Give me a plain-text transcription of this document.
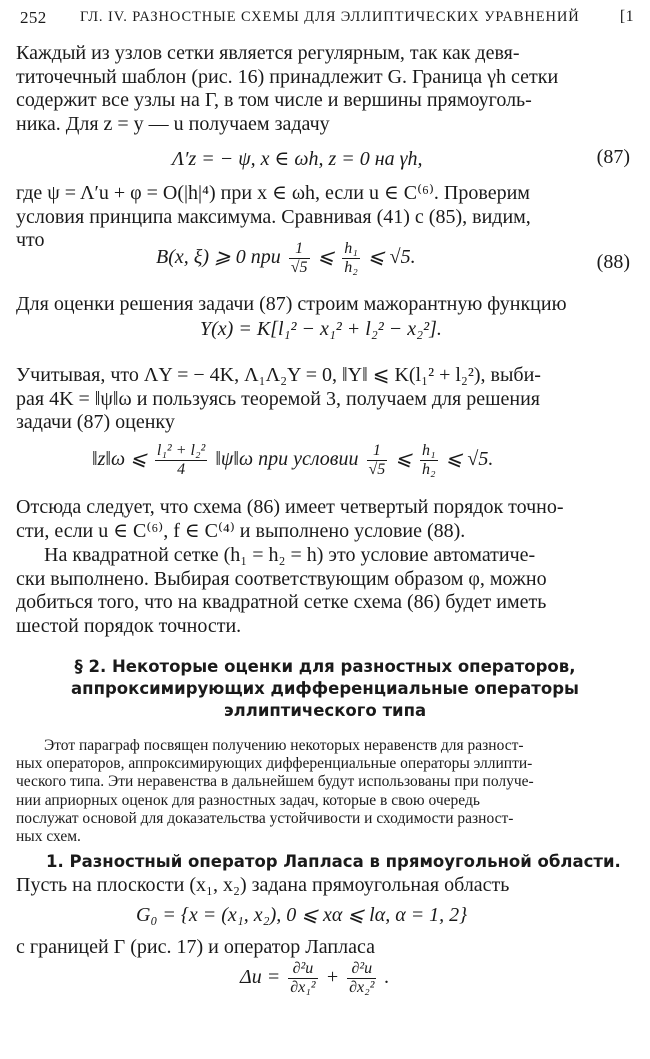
252 ГЛ. IV. РАЗНОСТНЫЕ СХЕМЫ ДЛЯ ЭЛЛИПТИЧЕСКИХ УРАВНЕНИЙ	[1
Каждый из узлов сетки является регулярным, так как девя-
титочечный шаблон (рис. 16) принадлежит G. Граница γh сетки
содержит все узлы на Γ, в том числе и вершины прямоуголь-
ника. Для z = y — u получаем задачу
Λ′z = − ψ, x ∈ ωh, z = 0 на γh,	(87)
где ψ = Λ′u + φ = O(|h|⁴) при x ∈ ωh, если u ∈ C⁽⁶⁾. Проверим
условия принципа максимума. Сравнивая (41) с (85), видим,
что
B(x, ξ) ⩾ 0 при $\frac{1}{√5}$ ⩽ $\frac{\text{h₁}}{\text{h₂}}$ ⩽ √5.	(88)
Для оценки решения задачи (87) строим мажорантную функцию
Y(x) = K[l₁² − x₁² + l₂² − x₂²].
Учитывая, что ΛY = − 4K, Λ₁Λ₂Y = 0, ‖Y‖ ⩽ K(l₁² + l₂²), выби-
рая 4K = ‖ψ‖ω и пользуясь теоремой 3, получаем для решения
задачи (87) оценку
‖z‖ω ⩽ $\frac{\text{l₁² + l₂²}}{4}$ ‖ψ‖ω при условии $\frac{1}{√5}$ ⩽ $\frac{\text{h₁}}{\text{h₂}}$ ⩽ √5.
Отсюда следует, что схема (86) имеет четвертый порядок точно-
сти, если u ∈ C⁽⁶⁾, f ∈ C⁽⁴⁾ и выполнено условие (88).
На квадратной сетке (h₁ = h₂ = h) это условие автоматиче-
ски выполнено. Выбирая соответствующим образом φ, можно
добиться того, что на квадратной сетке схема (86) будет иметь
шестой порядок точности.
§ 2. Некоторые оценки для разностных операторов,
аппроксимирующих дифференциальные операторы
эллиптического типа
Этот параграф посвящен получению некоторых неравенств для разност-
ных операторов, аппроксимирующих дифференциальные операторы эллипти-
ческого типа. Эти неравенства в дальнейшем будут использованы при получе-
нии априорных оценок для разностных задач, которые в свою очередь
послужат основой для доказательства устойчивости и сходимости разност-
ных схем.
1. Разностный оператор Лапласа в прямоугольной области.
Пусть на плоскости (x₁, x₂) задана прямоугольная область
G₀ = {x = (x₁, x₂), 0 ⩽ xα ⩽ lα, α = 1, 2}
с границей Γ (рис. 17) и оператор Лапласа
$\Delta u = \frac{\text{∂²u}}{\text{∂x₁²}} + \frac{\text{∂²u}}{\text{∂x₂²}}$ .
